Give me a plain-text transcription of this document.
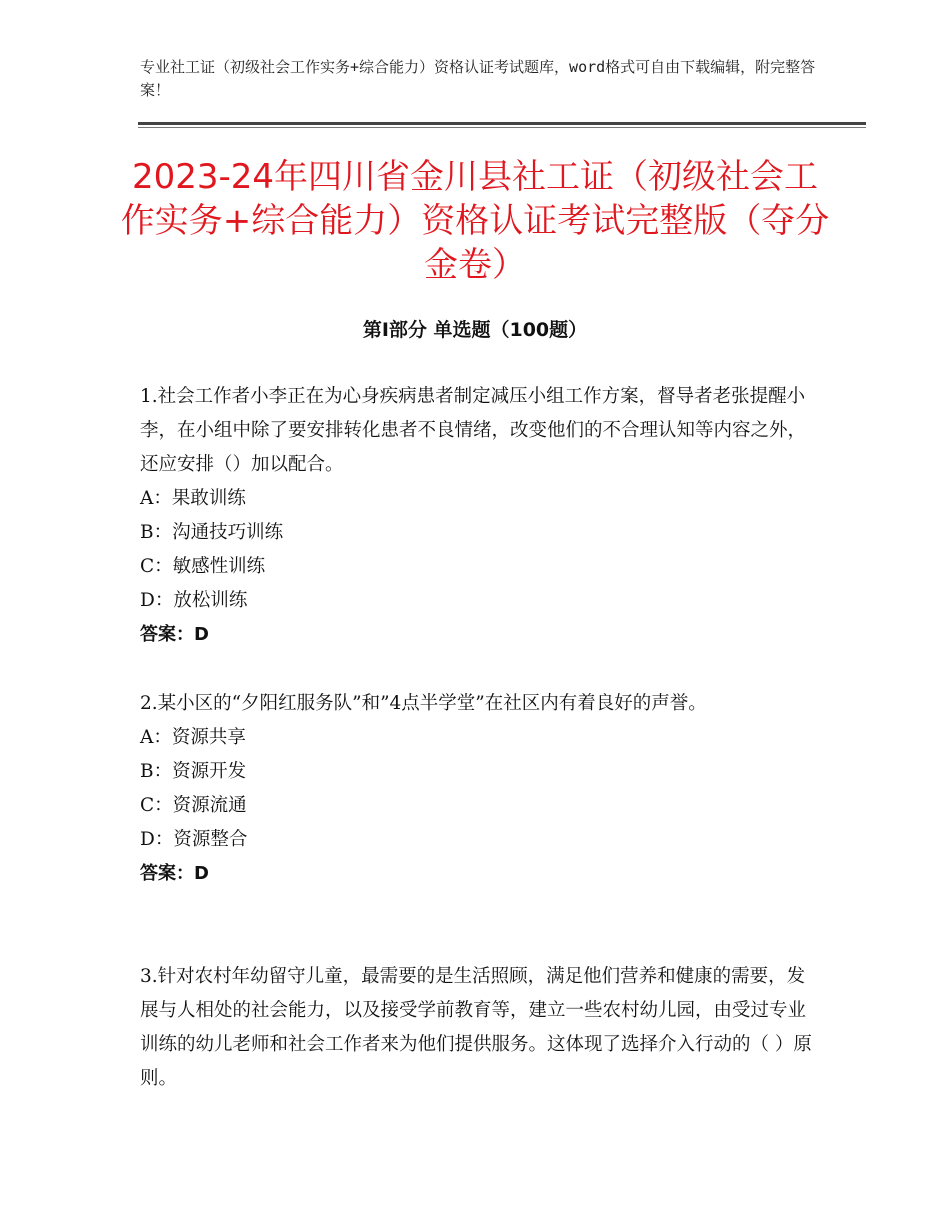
专业社工证（初级社会工作实务+综合能力）资格认证考试题库，word格式可自由下载编辑，附完整答案！
2023-24年四川省金川县社工证（初级社会工作实务+综合能力）资格认证考试完整版（夺分金卷）
第Ⅰ部分 单选题（100题）

1.社会工作者小李正在为心身疾病患者制定减压小组工作方案，督导者老张提醒小李，在小组中除了要安排转化患者不良情绪，改变他们的不合理认知等内容之外，还应安排（）加以配合。

A：果敢训练

B：沟通技巧训练

C：敏感性训练

D：放松训练

答案：D

2.某小区的“夕阳红服务队”和”4点半学堂”在社区内有着良好的声誉。

A：资源共享

B：资源开发

C：资源流通

D：资源整合

答案：D

3.针对农村年幼留守儿童，最需要的是生活照顾，满足他们营养和健康的需要，发展与人相处的社会能力，以及接受学前教育等，建立一些农村幼儿园，由受过专业训练的幼儿老师和社会工作者来为他们提供服务。这体现了选择介入行动的（ ）原则。
